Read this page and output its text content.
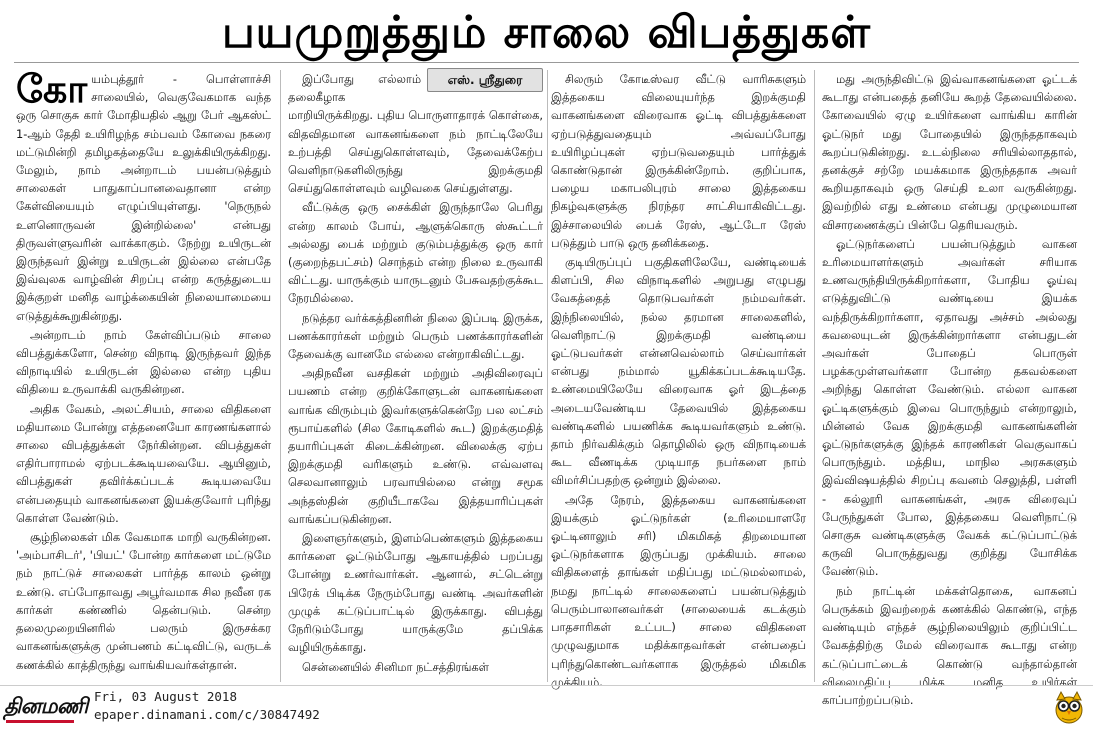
பயமுறுத்தும் சாலை விபத்துகள்

கோயம்புத்தூர் - பொள்ளாச்சி சாலையில், வெகுவேகமாக வந்த ஒரு சொகுசு கார் மோதியதில் ஆறு பேர் ஆகஸ்ட் 1-ஆம் தேதி உயிரிழந்த சம்பவம் கோவை நகரை மட்டுமின்றி தமிழகத்தையே உலுக்கியிருக்கிறது. மேலும், நாம் அன்றாடம் பயன்படுத்தும் சாலைகள் பாதுகாப்பானவைதானா என்ற கேள்வியையும் எழுப்பியுள்ளது. 'நெருநல் உளனொருவன் இன்றில்லை' என்பது திருவள்ளுவரின் வாக்காகும். நேற்று உயிருடன் இருந்தவர் இன்று உயிருடன் இல்லை என்பதே இவ்வுலக வாழ்வின் சிறப்பு என்ற கருத்துடைய இக்குறள் மனித வாழ்க்கையின் நிலையாமையை எடுத்துக்கூறுகின்றது.

அன்றாடம் நாம் கேள்விப்படும் சாலை விபத்துக்களோ, சென்ற விநாடி இருந்தவர் இந்த விநாடியில் உயிருடன் இல்லை என்ற புதிய விதியை உருவாக்கி வருகின்றன.

அதிக வேகம், அலட்சியம், சாலை விதிகளை மதியாமை போன்று எத்தனையோ காரணங்களால் சாலை விபத்துக்கள் நேர்கின்றன. விபத்துகள் எதிர்பாராமல் ஏற்படக்கூடியவையே. ஆயினும், விபத்துகள் தவிர்க்கப்படக் கூடியவையே என்பதையும் வாகனங்களை இயக்குவோர் புரிந்து கொள்ள வேண்டும்.

சூழ்நிலைகள் மிக வேகமாக மாறி வருகின்றன. 'அம்பாசிடர்', 'பியட்' போன்ற கார்களை மட்டுமே நம் நாட்டுச் சாலைகள் பார்த்த காலம் ஒன்று உண்டு. எப்போதாவது அபூர்வமாக சில நவீன ரக கார்கள் கண்ணில் தென்படும். சென்ற தலைமுறையினரில் பலரும் இருசக்கர வாகனங்களுக்கு முன்பணம் கட்டிவிட்டு, வருடக் கணக்கில் காத்திருந்து வாங்கியவர்கள்தான்.

எஸ். ஸ்ரீதுரை

இப்போது எல்லாம் தலைகீழாக மாறியிருக்கிறது. புதிய பொருளாதாரக் கொள்கை, விதவிதமான வாகனங்களை நம் நாட்டிலேயே உற்பத்தி செய்துகொள்ளவும், தேவைக்கேற்ப வெளிநாடுகளிலிருந்து இறக்குமதி செய்துகொள்ளவும் வழிவகை செய்துள்ளது.

வீட்டுக்கு ஒரு சைக்கிள் இருந்தாலே பெரிது என்ற காலம் போய், ஆளுக்கொரு ஸ்கூட்டர் அல்லது பைக் மற்றும் குடும்பத்துக்கு ஒரு கார் (குறைந்தபட்சம்) சொந்தம் என்ற நிலை உருவாகி விட்டது. யாருக்கும் யாருடனும் பேசுவதற்குக்கூட நேரமில்லை.

நடுத்தர வர்க்கத்தினரின் நிலை இப்படி இருக்க, பணக்காரர்கள் மற்றும் பெரும் பணக்காரர்களின் தேவைக்கு வானமே எல்லை என்றாகிவிட்டது.

அதிநவீன வசதிகள் மற்றும் அதிவிரைவுப் பயணம் என்ற குறிக்கோளுடன் வாகனங்களை வாங்க விரும்பும் இவர்களுக்கென்றே பல லட்சம் ரூபாய்களில் (சில கோடிகளில் கூட) இறக்குமதித் தயாரிப்புகள் கிடைக்கின்றன. விலைக்கு ஏற்ப இறக்குமதி வரிகளும் உண்டு. எவ்வளவு செலவானாலும் பரவாயில்லை என்று சமூக அந்தஸ்தின் குறியீடாகவே இத்தயாரிப்புகள் வாங்கப்படுகின்றன.

இளைஞர்களும், இளம்பெண்களும் இத்தகைய கார்களை ஓட்டும்போது ஆகாயத்தில் பறப்பது போன்று உணர்வார்கள். ஆனால், சட்டென்று பிரேக் பிடிக்க நேரும்போது வண்டி அவர்களின் முழுக் கட்டுப்பாட்டில் இருக்காது. விபத்து நேரிடும்போது யாருக்குமே தப்பிக்க வழியிருக்காது.

சென்னையில் சினிமா நட்சத்திரங்கள்

சிலரும் கோடீஸ்வர வீட்டு வாரிசுகளும் இத்தகைய விலையுயர்ந்த இறக்குமதி வாகனங்களை விரைவாக ஓட்டி விபத்துக்களை ஏற்படுத்துவதையும் அவ்வப்போது உயிரிழப்புகள் ஏற்படுவதையும் பார்த்துக் கொண்டுதான் இருக்கின்றோம். குறிப்பாக, பழைய மகாபலிபுரம் சாலை இத்தகைய நிகழ்வுகளுக்கு நிரந்தர சாட்சியாகிவிட்டது. இச்சாலையில் பைக் ரேஸ், ஆட்டோ ரேஸ் படுத்தும் பாடு ஒரு தனிக்கதை.

குடியிருப்புப் பகுதிகளிலேயே, வண்டியைக் கிளப்பி, சில விநாடிகளில் அறுபது எழுபது வேகத்தைத் தொடுபவர்கள் நம்மவர்கள். இந்நிலையில், நல்ல தரமான சாலைகளில், வெளிநாட்டு இறக்குமதி வண்டியை ஓட்டுபவர்கள் என்னவெல்லாம் செய்வார்கள் என்பது நம்மால் யூகிக்கப்படக்கூடியதே. உண்மையிலேயே விரைவாக ஓர் இடத்தை அடையவேண்டிய தேவையில் இத்தகைய வண்டிகளில் பயணிக்க கூடியவர்களும் உண்டு. தாம் நிர்வகிக்கும் தொழிலில் ஒரு விநாடியைக் கூட வீணடிக்க முடியாத நபர்களை நாம் விமர்சிப்பதற்கு ஒன்றும் இல்லை.

அதே நேரம், இத்தகைய வாகனங்களை இயக்கும் ஓட்டுநர்கள் (உரிமையாளரே ஓட்டினாலும் சரி) மிகமிகத் திறமையான ஓட்டுநர்களாக இருப்பது முக்கியம். சாலை விதிகளைத் தாங்கள் மதிப்பது மட்டுமல்லாமல், நமது நாட்டில் சாலைகளைப் பயன்படுத்தும் பெரும்பாலானவர்கள் (சாலையைக் கடக்கும் பாதசாரிகள் உட்பட) சாலை விதிகளை முழுவதுமாக மதிக்காதவர்கள் என்பதைப் புரிந்துகொண்டவர்களாக இருத்தல் மிகமிக முக்கியம்.

மது அருந்திவிட்டு இவ்வாகனங்களை ஓட்டக் கூடாது என்பதைத் தனியே கூறத் தேவையில்லை. கோவையில் ஏழு உயிர்களை வாங்கிய காரின் ஓட்டுநர் மது போதையில் இருந்ததாகவும் கூறப்படுகின்றது. உடல்நிலை சரியில்லாததால், தனக்குச் சற்றே மயக்கமாக இருந்ததாக அவர் கூறியதாகவும் ஒரு செய்தி உலா வருகின்றது. இவற்றில் எது உண்மை என்பது முழுமையான விசாரணைக்குப் பின்பே தெரியவரும்.

ஓட்டுநர்களைப் பயன்படுத்தும் வாகன உரிமையாளர்களும் அவர்கள் சரியாக உணவருந்தியிருக்கிறார்களா, போதிய ஓய்வு எடுத்துவிட்டு வண்டியை இயக்க வந்திருக்கிறார்களா, ஏதாவது அச்சம் அல்லது கவலையுடன் இருக்கின்றார்களா என்பதுடன் அவர்கள் போதைப் பொருள் பழக்கமுள்ளவர்களா போன்ற தகவல்களை அறிந்து கொள்ள வேண்டும். எல்லா வாகன ஓட்டிகளுக்கும் இவை பொருந்தும் என்றாலும், மின்னல் வேக இறக்குமதி வாகனங்களின் ஓட்டுநர்களுக்கு இந்தக் காரணிகள் வெகுவாகப் பொருந்தும். மத்திய, மாநில அரசுகளும் இவ்விஷயத்தில் சிறப்பு கவனம் செலுத்தி, பள்ளி - கல்லூரி வாகனங்கள், அரசு விரைவுப் பேருந்துகள் போல, இத்தகைய வெளிநாட்டு சொகுசு வண்டிகளுக்கு வேகக் கட்டுப்பாட்டுக் கருவி பொருத்துவது குறித்து யோசிக்க வேண்டும்.

நம் நாட்டின் மக்கள்தொகை, வாகனப் பெருக்கம் இவற்றைக் கணக்கில் கொண்டு, எந்த வண்டியும் எந்தச் சூழ்நிலையிலும் குறிப்பிட்ட வேகத்திற்கு மேல் விரைவாக கூடாது என்ற கட்டுப்பாட்டைக் கொண்டு வந்தால்தான் விலைமதிப்பு மிக்க மனித உயிர்கள் காப்பாற்றப்படும்.

தினமணி Fri, 03 August 2018
epaper.dinamani.com/c/30847492
